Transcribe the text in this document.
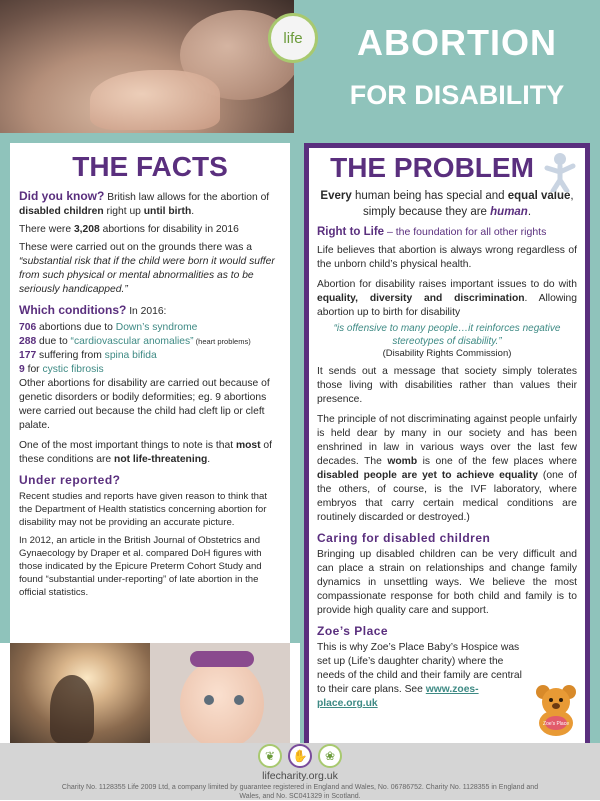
life	ABORTION
FOR DISABILITY
THE FACTS

Did you know? British law allows for the abortion of disabled children right up until birth.

There were 3,208 abortions for disability in 2016

These were carried out on the grounds there was a “substantial risk that if the child were born it would suffer from such physical or mental abnormalities as to be seriously handicapped.”

Which conditions? In 2016:

706 abortions due to Down’s syndrome
288 due to “cardiovascular anomalies” (heart problems)
177 suffering from spina bifida
9 for cystic fibrosis

Other abortions for disability are carried out because of genetic disorders or bodily deformities; eg. 9 abortions were carried out because the child had cleft lip or cleft palate.

One of the most important things to note is that most of these conditions are not life-threatening.

Under reported?

Recent studies and reports have given reason to think that the Department of Health statistics concerning abortion for disability may not be providing an accurate picture.

In 2012, an article in the British Journal of Obstetrics and Gynaecology by Draper et al. compared DoH figures with those indicated by the Epicure Preterm Cohort Study and found “substantial under-reporting” of late abortion in the official statistics.

THE PROBLEM

Every human being has special and equal value, simply because they are human.

Right to Life – the foundation for all other rights

Life believes that abortion is always wrong regardless of the unborn child’s physical health.

Abortion for disability raises important issues to do with equality, diversity and discrimination. Allowing abortion up to birth for disability

“is offensive to many people…it reinforces negative stereotypes of disability.”

(Disability Rights Commission)

It sends out a message that society simply tolerates those living with disabilities rather than values their presence.

The principle of not discriminating against people unfairly is held dear by many in our society and has been enshrined in law in various ways over the last few decades. The womb is one of the few places where disabled people are yet to achieve equality (one of the others, of course, is the IVF laboratory, where embryos that carry certain medical conditions are routinely discarded or destroyed.)

Caring for disabled children

Bringing up disabled children can be very difficult and can place a strain on relationships and change family dynamics in unsettling ways. We believe the most compassionate response for both child and family is to provide high quality care and support.

Zoe’s Place

This is why Zoe’s Place Baby’s Hospice was set up (Life’s daughter charity) where the needs of the child and their family are central to their care plans. See www.zoes-place.org.uk

Zoe's Place
❦	✋	❀
lifecharity.org.uk
Charity No. 1128355 Life 2009 Ltd, a company limited by guarantee registered in England and Wales, No. 06786752. Charity No. 1128355 in England and Wales, and No. SC041329 in Scotland.
